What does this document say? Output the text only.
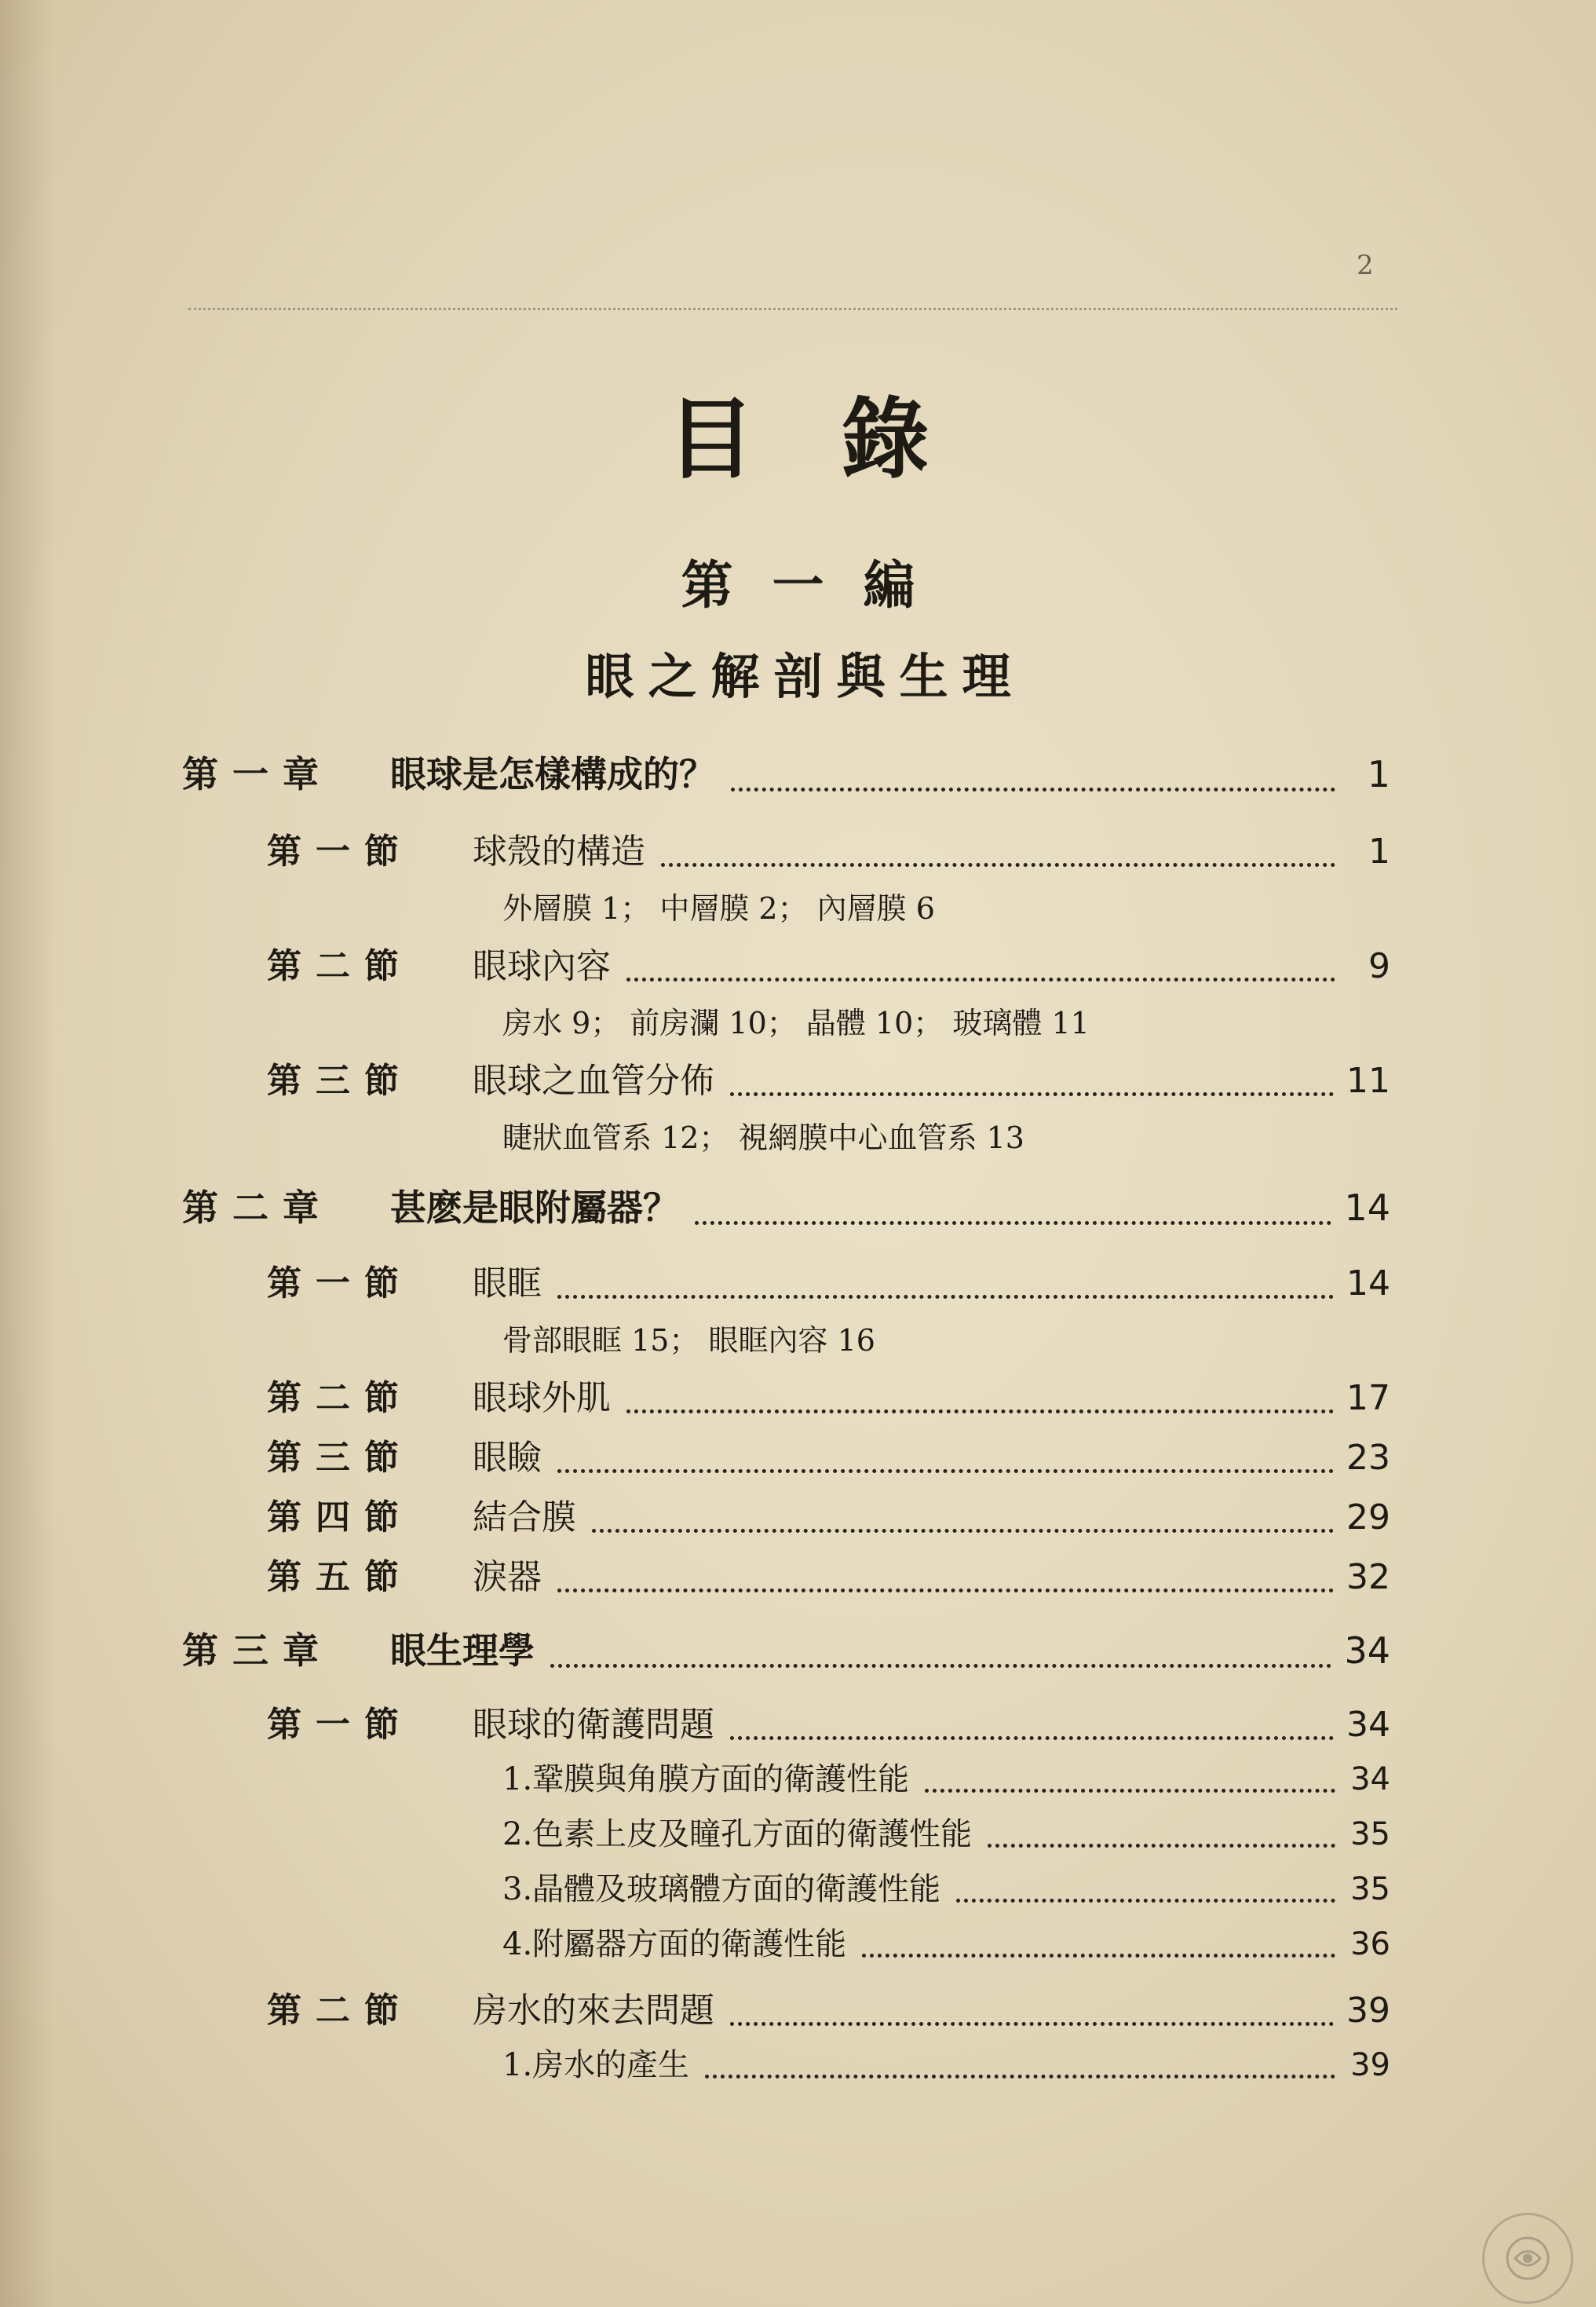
2
目錄
第一編
眼之解剖與生理
第一章	眼球是怎樣構成的？	1
第一節	球殼的構造	1
外層膜 1； 中層膜 2； 內層膜 6
第二節	眼球內容	9
房水 9； 前房瀾 10； 晶體 10； 玻璃體 11
第三節	眼球之血管分佈	11
睫狀血管系 12； 視網膜中心血管系 13
第二章	甚麽是眼附屬器？	14
第一節	眼眶	14
骨部眼眶 15； 眼眶內容 16
第二節	眼球外肌	17
第三節	眼瞼	23
第四節	結合膜	29
第五節	淚器	32
第三章	眼生理學	34
第一節	眼球的衛護問題	34
1.鞏膜與角膜方面的衛護性能	34
2.色素上皮及瞳孔方面的衛護性能	35
3.晶體及玻璃體方面的衛護性能	35
4.附屬器方面的衛護性能	36
第二節	房水的來去問題	39
1.房水的產生	39
